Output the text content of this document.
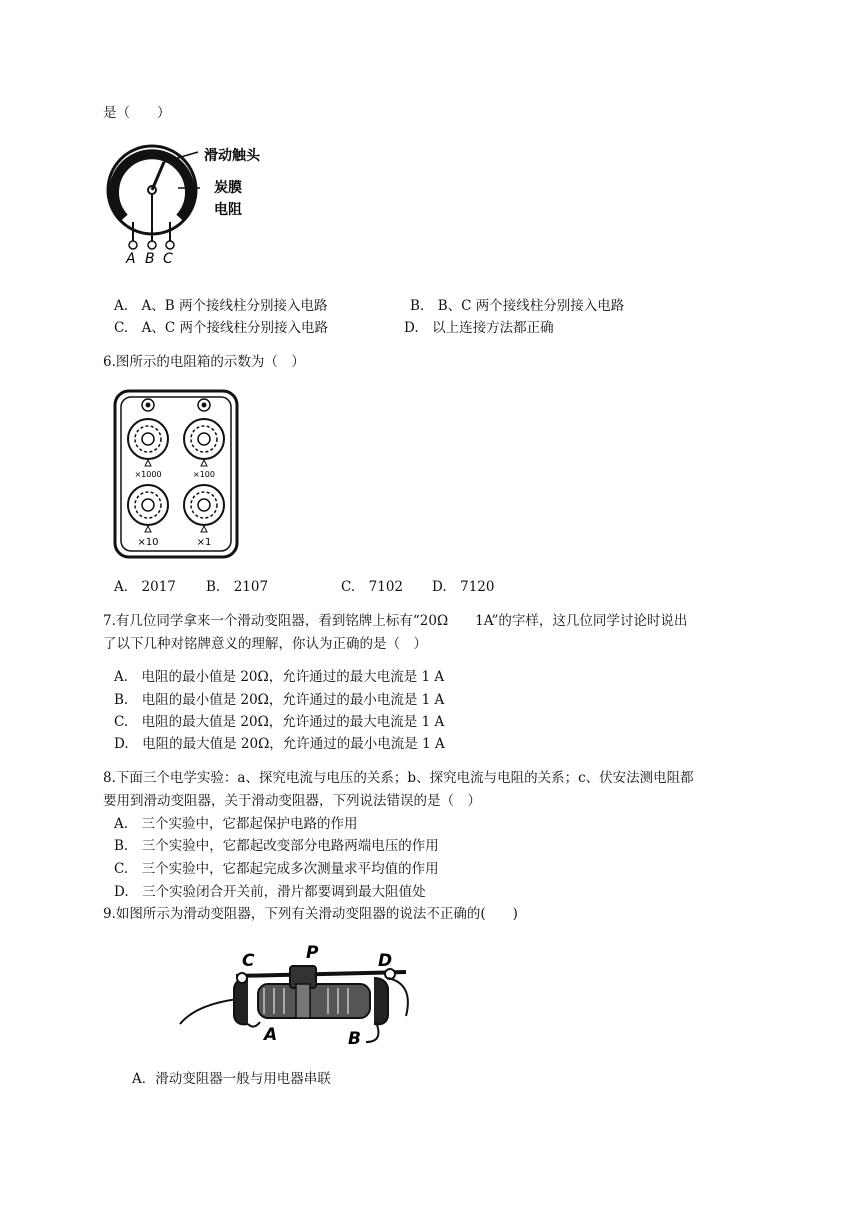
是（　　）
滑动触头
炭膜
电阻
A B C
A.　A、B 两个接线柱分别接入电路	B.　B、C 两个接线柱分别接入电路
C.　A、C 两个接线柱分别接入电路	D.　以上连接方法都正确
6.图所示的电阻箱的示数为（　）
×1000	×100
×10	×1
A.　2017 B.　2107	C.　7102 D.　7120
7.有几位同学拿来一个滑动变阻器，看到铭牌上标有“20Ω　　1A”的字样，这几位同学讨论时说出
了以下几种对铭牌意义的理解，你认为正确的是（　）
A.　电阻的最小值是 20Ω，允许通过的最大电流是 1 A
B.　电阻的最小值是 20Ω，允许通过的最小电流是 1 A
C.　电阻的最大值是 20Ω，允许通过的最大电流是 1 A
D.　电阻的最大值是 20Ω，允许通过的最小电流是 1 A
8.下面三个电学实验：a、探究电流与电压的关系；b、探究电流与电阻的关系；c、伏安法测电阻都
要用到滑动变阻器，关于滑动变阻器，下列说法错误的是（　）
A.　三个实验中，它都起保护电路的作用
B.　三个实验中，它都起改变部分电路两端电压的作用
C.　三个实验中，它都起完成多次测量求平均值的作用
D.　三个实验闭合开关前，滑片都要调到最大阻值处
9.如图所示为滑动变阻器，下列有关滑动变阻器的说法不正确的(　　)
C	P	D
A	B
A．滑动变阻器一般与用电器串联
